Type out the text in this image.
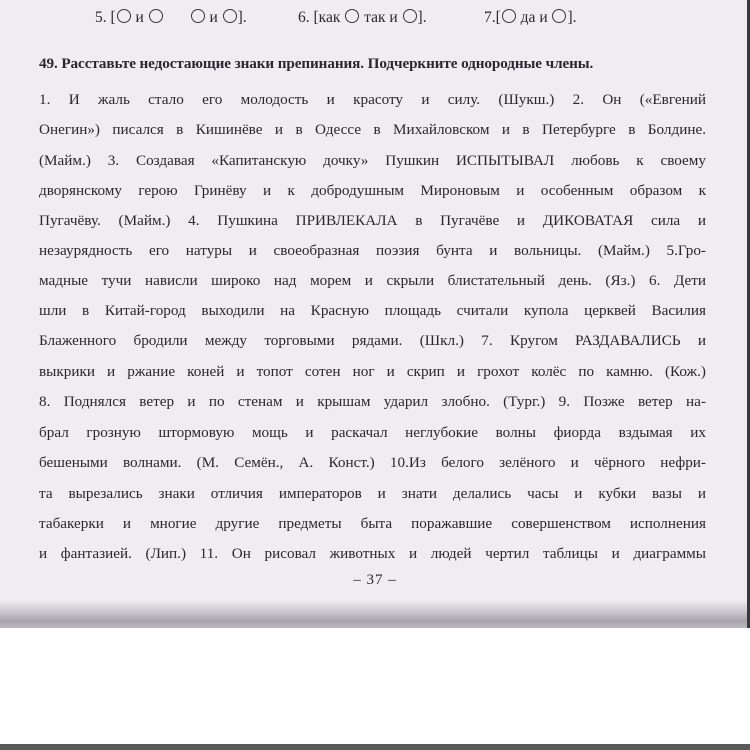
5. [ и	и ].	6. [как  так и ].	7.[ да и ].
49. Расставьте недостающие знаки препинания. Подчеркните однородные члены.
1. И жаль стало его молодость и красоту и силу. (Шукш.) 2. Он («Евгений
Онегин») писался в Кишинёве и в Одессе в Михайловском и в Петербурге в Болдине.
(Майм.) 3. Создавая «Капитанскую дочку» Пушкин ИСПЫТЫВАЛ любовь к своему
дворянскому герою Гринёву и к добродушным Мироновым и особенным образом к
Пугачёву. (Майм.) 4. Пушкина ПРИВЛЕКАЛА в Пугачёве и ДИКОВАТАЯ сила и
незаурядность его натуры и своеобразная поэзия бунта и вольницы. (Майм.) 5.Гро-
мадные тучи нависли широко над морем и скрыли блистательный день. (Яз.) 6. Дети
шли в Китай-город выходили на Красную площадь считали купола церквей Василия
Блаженного бродили между торговыми рядами. (Шкл.) 7. Кругом РАЗДАВАЛИСЬ и
выкрики и ржание коней и топот сотен ног и скрип и грохот колёс по камню. (Кож.)
8. Поднялся ветер и по стенам и крышам ударил злобно. (Тург.) 9. Позже ветер на-
брал грозную штормовую мощь и раскачал неглубокие волны фиорда вздымая их
бешеными волнами. (М. Семён., А. Конст.) 10.Из белого зелёного и чёрного нефри-
та вырезались знаки отличия императоров и знати делались часы и кубки вазы и
табакерки и многие другие предметы быта поражавшие совершенством исполнения
и фантазией. (Лип.) 11. Он рисовал животных и людей чертил таблицы и диаграммы
– 37 –
